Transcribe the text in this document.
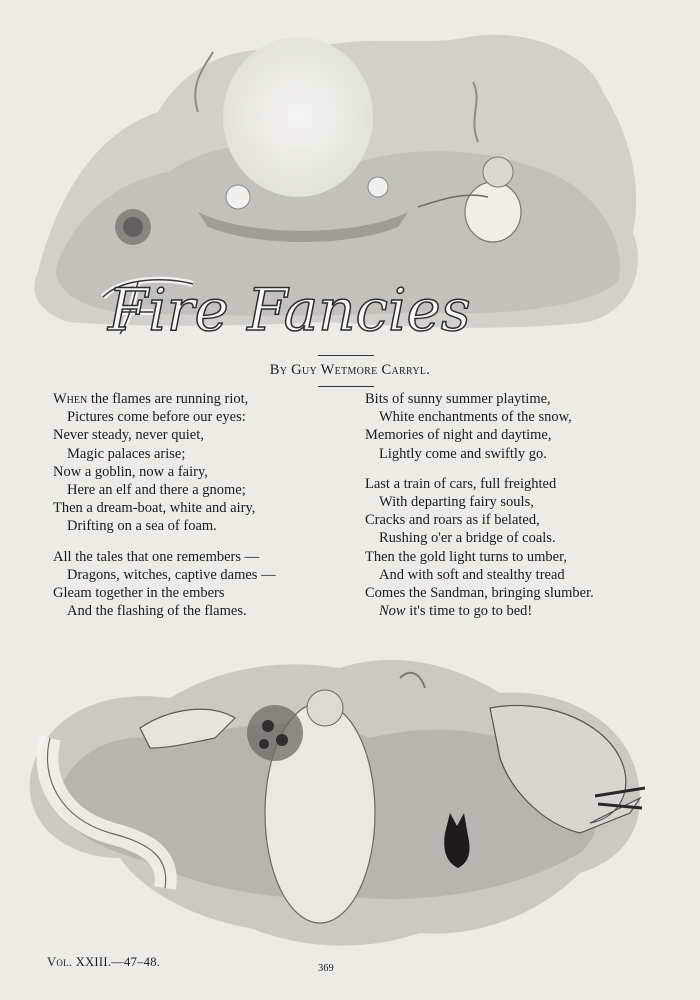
Fire Fancies
By Guy Wetmore Carryl.
When the flames are running riot,
Pictures come before our eyes:
Never steady, never quiet,
Magic palaces arise;
Now a goblin, now a fairy,
Here an elf and there a gnome;
Then a dream-boat, white and airy,
Drifting on a sea of foam.
All the tales that one remembers —
Dragons, witches, captive dames —
Gleam together in the embers
And the flashing of the flames.
Bits of sunny summer playtime,
White enchantments of the snow,
Memories of night and daytime,
Lightly come and swiftly go.
Last a train of cars, full freighted
With departing fairy souls,
Cracks and roars as if belated,
Rushing o'er a bridge of coals.
Then the gold light turns to umber,
And with soft and stealthy tread
Comes the Sandman, bringing slumber.
Now it's time to go to bed!
Vol. XXIII.—47–48.	369
